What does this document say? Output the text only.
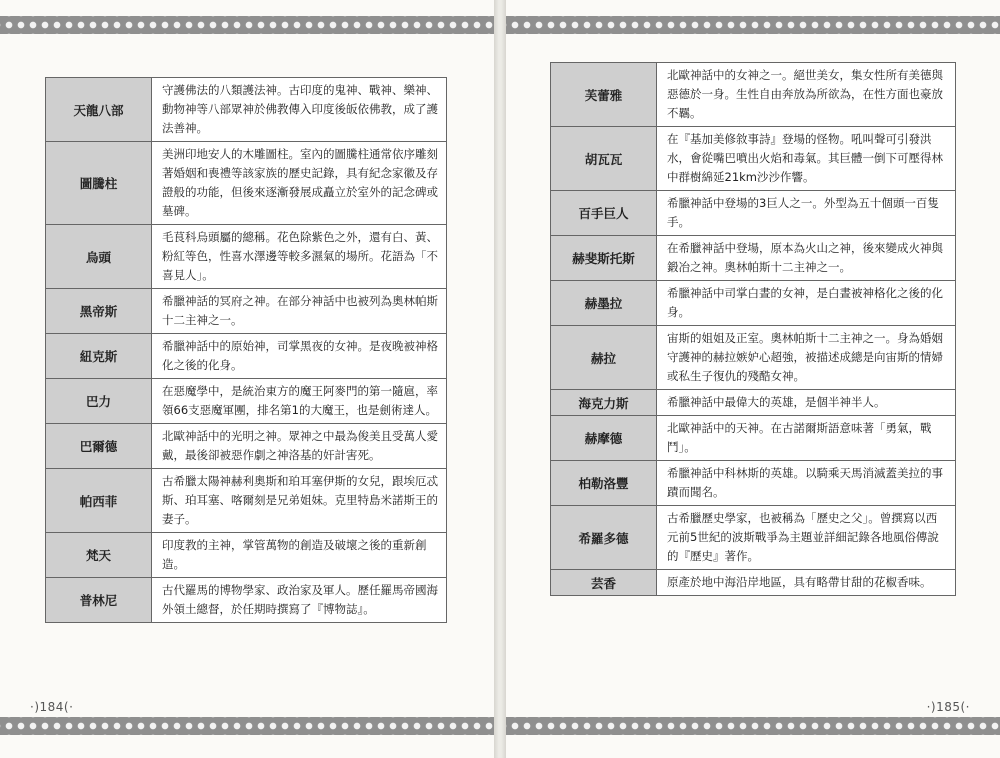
天龍八部	守護佛法的八類護法神。古印度的鬼神、戰神、樂神、動物神等八部眾神於佛教傳入印度後皈依佛教，成了護法善神。
圖騰柱	美洲印地安人的木雕圖柱。室內的圖騰柱通常依序雕刻著婚姻和喪禮等該家族的歷史記錄，具有紀念家徽及存證般的功能，但後來逐漸發展成矗立於室外的記念碑或墓碑。
烏頭	毛茛科烏頭屬的總稱。花色除紫色之外，還有白、黃、粉紅等色，性喜水澤邊等較多濕氣的場所。花語為「不喜見人」。
黑帝斯	希臘神話的冥府之神。在部分神話中也被列為奧林帕斯十二主神之一。
紐克斯	希臘神話中的原始神，司掌黑夜的女神。是夜晚被神格化之後的化身。
巴力	在惡魔學中，是統治東方的魔王阿麥門的第一隨扈，率領66支惡魔軍團，排名第1的大魔王，也是劍術達人。
巴爾德	北歐神話中的光明之神。眾神之中最為俊美且受萬人愛戴，最後卻被惡作劇之神洛基的奸計害死。
帕西菲	古希臘太陽神赫利奧斯和珀耳塞伊斯的女兒，跟埃厄忒斯、珀耳塞、喀爾刻是兄弟姐妹。克里特島米諾斯王的妻子。
梵天	印度教的主神，掌管萬物的創造及破壞之後的重新創造。
普林尼	古代羅馬的博物學家、政治家及軍人。歷任羅馬帝國海外領土總督，於任期時撰寫了『博物誌』。
·)184(·
芙蕾雅	北歐神話中的女神之一。絕世美女，集女性所有美德與惡德於一身。生性自由奔放為所欲為，在性方面也豪放不羈。
胡瓦瓦	在『基加美修敘事詩』登場的怪物。吼叫聲可引發洪水，會從嘴巴噴出火焰和毒氣。其巨體一倒下可壓得林中群樹綿延21km沙沙作響。
百手巨人	希臘神話中登場的3巨人之一。外型為五十個頭一百隻手。
赫斐斯托斯	在希臘神話中登場，原本為火山之神，後來變成火神與鍛冶之神。奧林帕斯十二主神之一。
赫墨拉	希臘神話中司掌白晝的女神，是白晝被神格化之後的化身。
赫拉	宙斯的姐姐及正室。奧林帕斯十二主神之一。身為婚姻守護神的赫拉嫉妒心超強，被描述成總是向宙斯的情婦或私生子復仇的殘酷女神。
海克力斯	希臘神話中最偉大的英雄，是個半神半人。
赫摩德	北歐神話中的天神。在古諾爾斯語意味著「勇氣，戰鬥」。
柏勒洛豐	希臘神話中科林斯的英雄。以騎乘天馬消滅蓋美拉的事蹟而聞名。
希羅多德	古希臘歷史學家，也被稱為「歷史之父」。曾撰寫以西元前5世紀的波斯戰爭為主題並詳細記錄各地風俗傳說的『歷史』著作。
芸香	原產於地中海沿岸地區，具有略帶甘甜的花椒香味。
·)185(·
